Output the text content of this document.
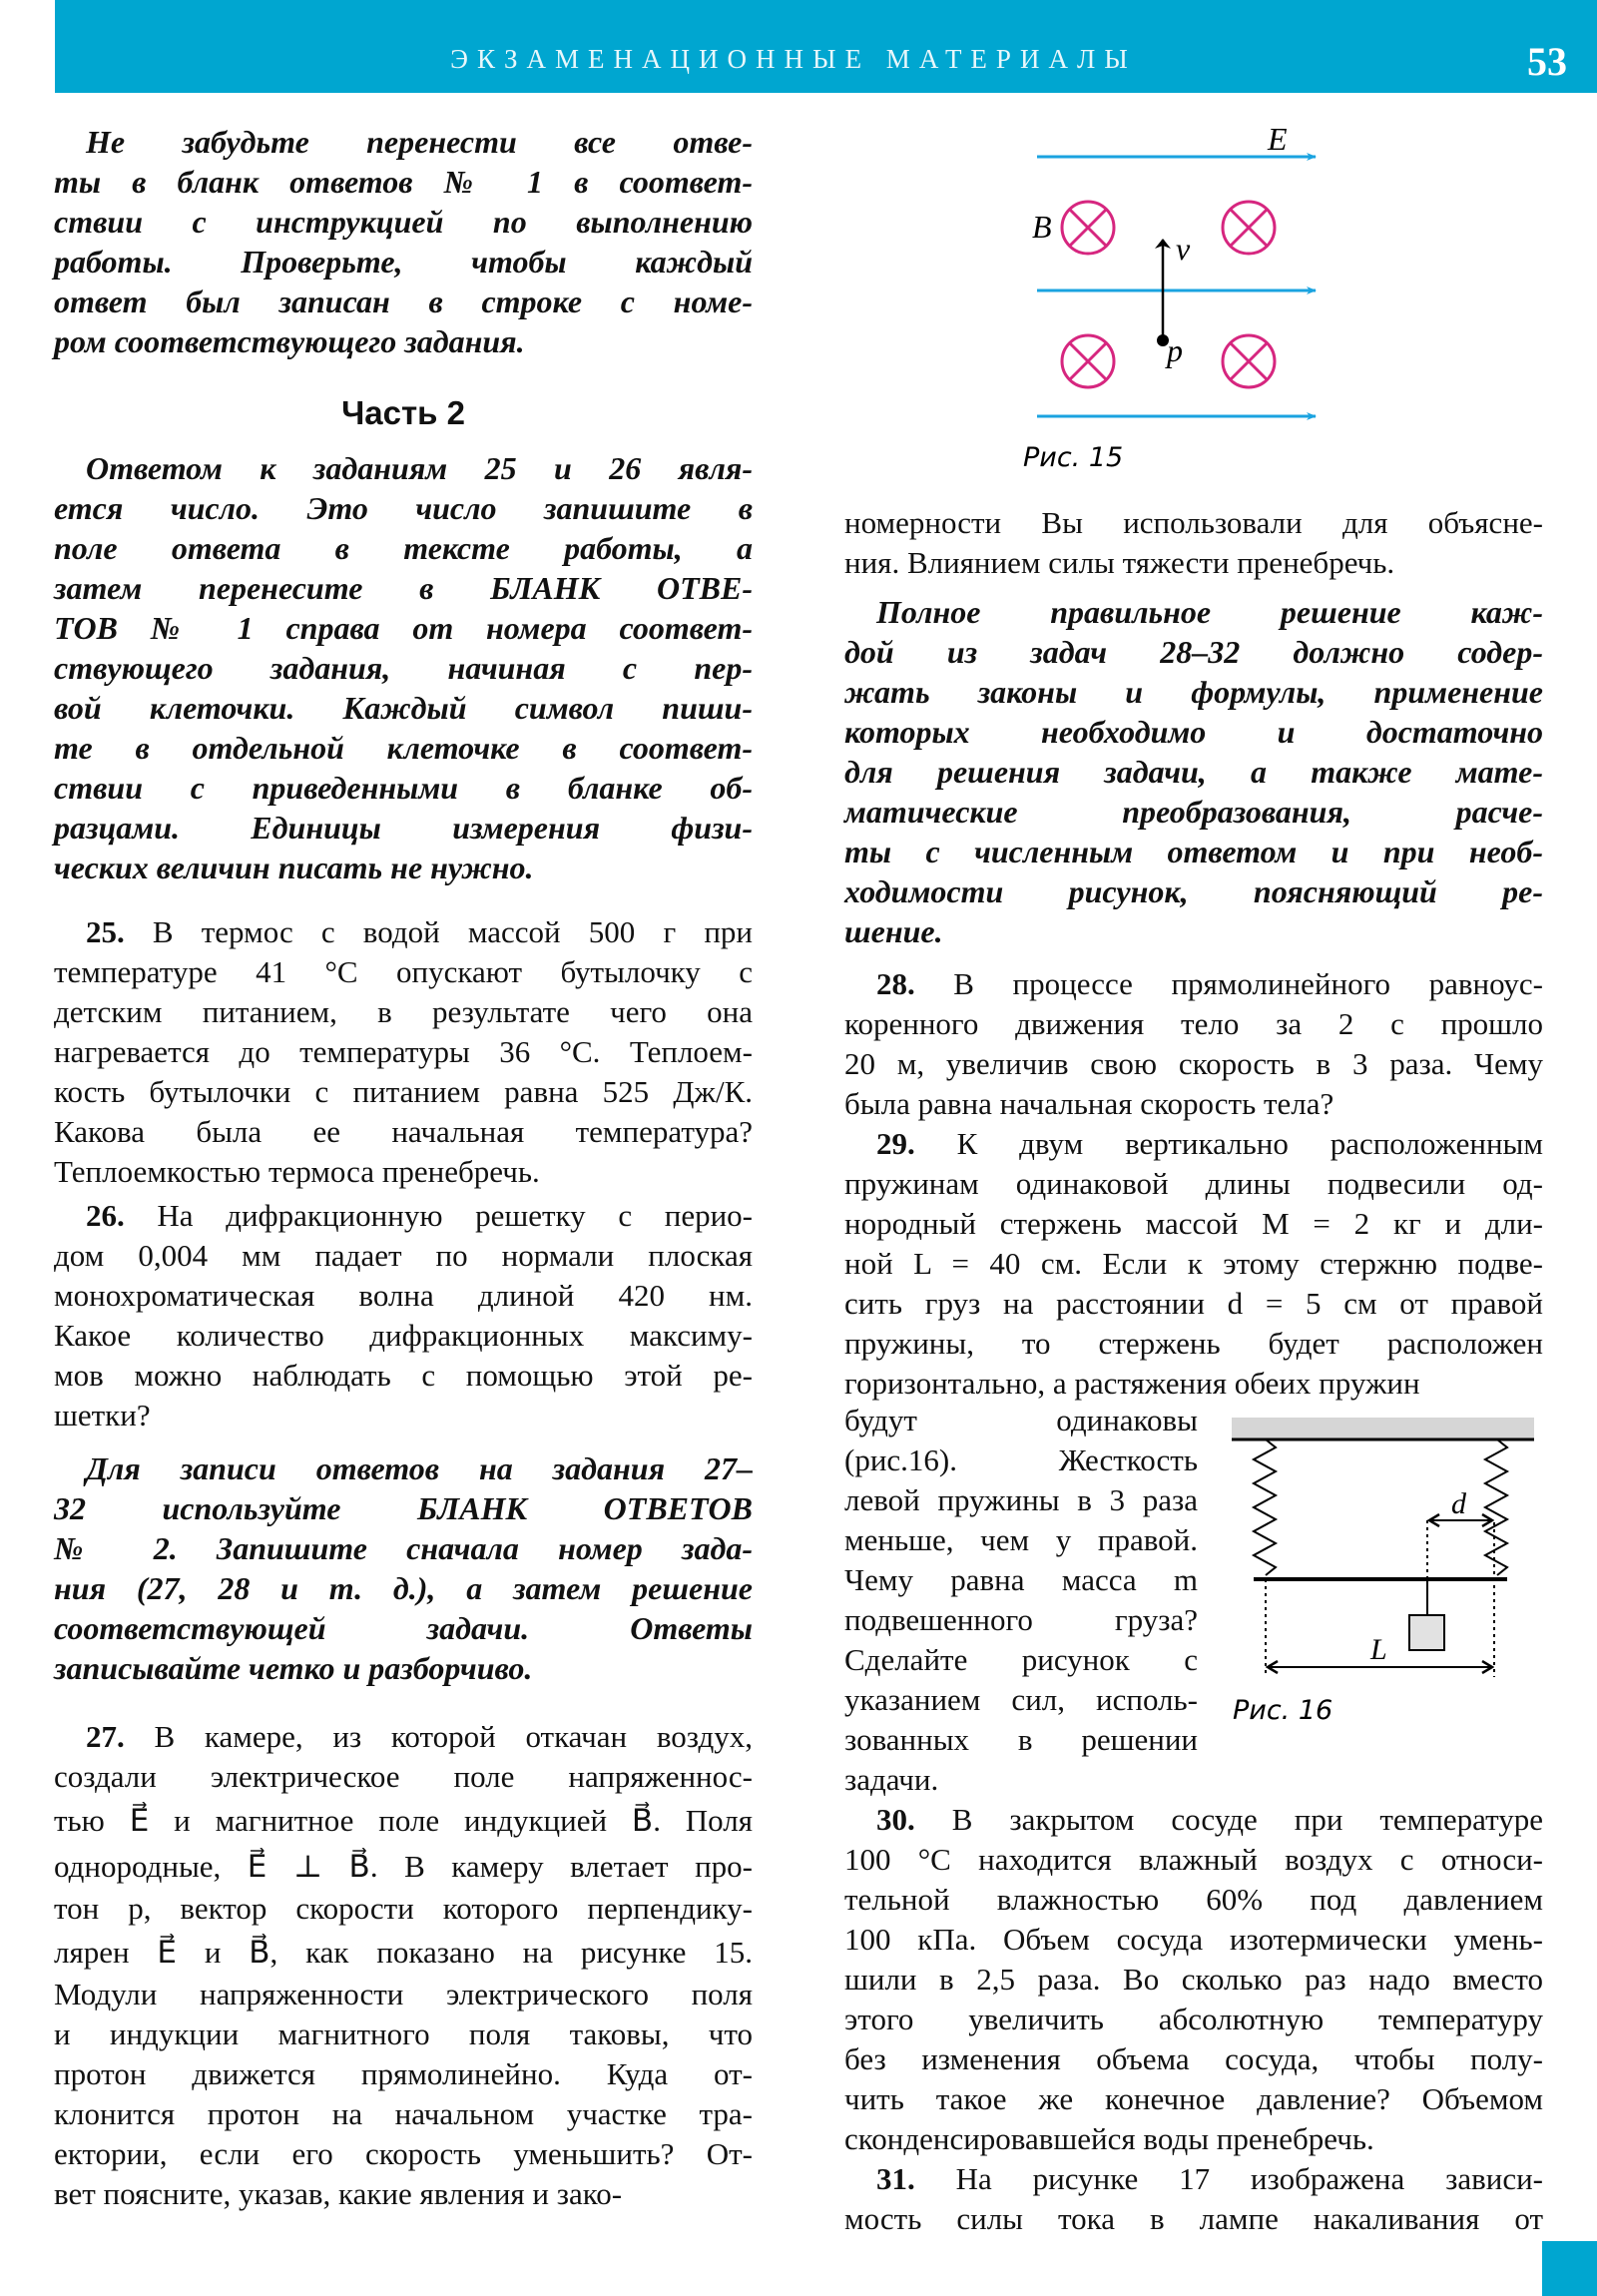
ЭКЗАМЕНАЦИОННЫЕ МАТЕРИАЛЫ	53
Не забудьте перенести все отве-
ты в бланк ответов № 1 в соответ-
ствии с инструкцией по выполнению
работы. Проверьте, чтобы каждый
ответ был записан в строке с номе-
ром соответствующего задания.
Часть 2
Ответом к заданиям 25 и 26 явля-
ется число. Это число запишите в
поле ответа в тексте работы, а
затем перенесите в БЛАНК ОТВЕ-
ТОВ № 1 справа от номера соответ-
ствующего задания, начиная с пер-
вой клеточки. Каждый символ пиши-
те в отдельной клеточке в соответ-
ствии с приведенными в бланке об-
разцами. Единицы измерения физи-
ческих величин писать не нужно.
25. В термос с водой массой 500 г при
температуре 41 °С опускают бутылочку с
детским питанием, в результате чего она
нагревается до температуры 36 °С. Теплоем-
кость бутылочки с питанием равна 525 Дж/К.
Какова была ее начальная температура?
Теплоемкостью термоса пренебречь.
26. На дифракционную решетку с перио-
дом 0,004 мм падает по нормали плоская
монохроматическая волна длиной 420 нм.
Какое количество дифракционных максиму-
мов можно наблюдать с помощью этой ре-
шетки?
Для записи ответов на задания 27–
32 используйте БЛАНК ОТВЕТОВ
№ 2. Запишите сначала номер зада-
ния (27, 28 и т. д.), а затем решение
соответствующей задачи. Ответы
записывайте четко и разборчиво.
27. В камере, из которой откачан воздух,
создали электрическое поле напряженнос-
тью E⃗ и магнитное поле индукцией B⃗. Поля
однородные, E⃗ ⊥ B⃗. В камеру влетает про-
тон p, вектор скорости которого перпендику-
лярен E⃗ и B⃗, как показано на рисунке 15.
Модули напряженности электрического поля
и индукции магнитного поля таковы, что
протон движется прямолинейно. Куда от-
клонится протон на начальном участке тра-
ектории, если его скорость уменьшить? От-
вет поясните, указав, какие явления и зако-
номерности Вы использовали для объясне-
ния. Влиянием силы тяжести пренебречь.
Полное правильное решение каж-
дой из задач 28–32 должно содер-
жать законы и формулы, применение
которых необходимо и достаточно
для решения задачи, а также мате-
матические преобразования, расче-
ты с численным ответом и при необ-
ходимости рисунок, поясняющий ре-
шение.
28. В процессе прямолинейного равноус-
коренного движения тело за 2 с прошло
20 м, увеличив свою скорость в 3 раза. Чему
была равна начальная скорость тела?
29. К двум вертикально расположенным
пружинам одинаковой длины подвесили од-
нородный стержень массой M = 2 кг и дли-
ной L = 40 см. Если к этому стержню подве-
сить груз на расстоянии d = 5 см от правой
пружины, то стержень будет расположен
горизонтально, а растяжения обеих пружин
будут одинаковы
(рис.16). Жесткость
левой пружины в 3 раза
меньше, чем у правой.
Чему равна масса m
подвешенного груза?
Сделайте рисунок с
указанием сил, исполь-
зованных в решении
задачи.
30. В закрытом сосуде при температуре
100 °С находится влажный воздух с относи-
тельной влажностью 60% под давлением
100 кПа. Объем сосуда изотермически умень-
шили в 2,5 раза. Во сколько раз надо вместо
этого увеличить абсолютную температуру
без изменения объема сосуда, чтобы полу-
чить такое же конечное давление? Объемом
сконденсировавшейся воды пренебречь.
31. На рисунке 17 изображена зависи-
мость силы тока в лампе накаливания от
E
B
v
p
Рис. 15
d
L
Рис. 16
